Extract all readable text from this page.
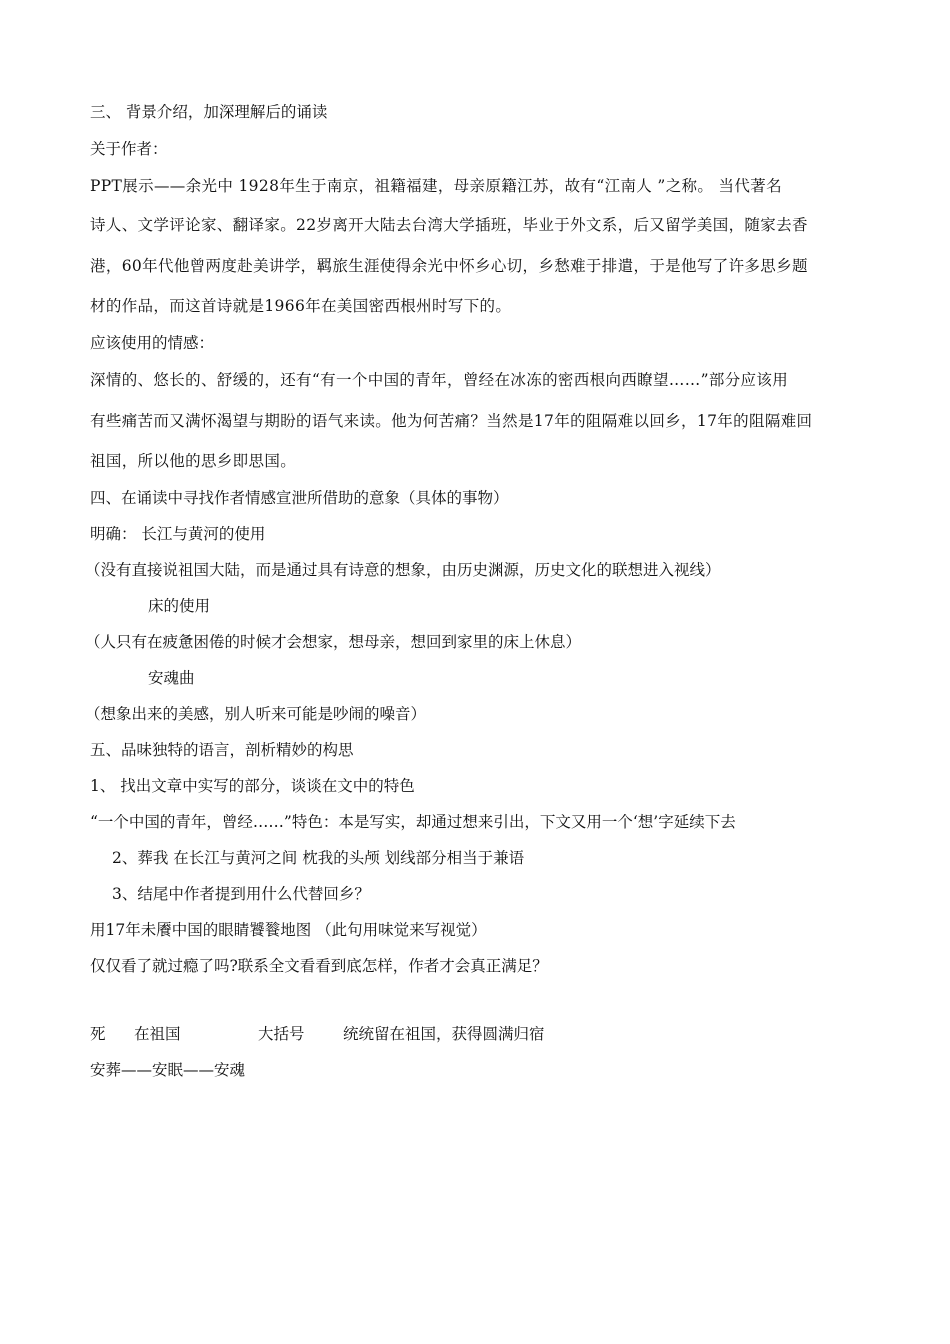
三、 背景介绍，加深理解后的诵读
关于作者：
PPT展示——余光中 1928年生于南京，祖籍福建，母亲原籍江苏，故有“江南人 ”之称。 当代著名
诗人、文学评论家、翻译家。22岁离开大陆去台湾大学插班，毕业于外文系，后又留学美国，随家去香
港，60年代他曾两度赴美讲学，羁旅生涯使得余光中怀乡心切，乡愁难于排遣，于是他写了许多思乡题
材的作品，而这首诗就是1966年在美国密西根州时写下的。
应该使用的情感：
深情的、悠长的、舒缓的，还有“有一个中国的青年，曾经在冰冻的密西根向西瞭望……”部分应该用
有些痛苦而又满怀渴望与期盼的语气来读。他为何苦痛？当然是17年的阻隔难以回乡，17年的阻隔难回
祖国，所以他的思乡即思国。
四、在诵读中寻找作者情感宣泄所借助的意象（具体的事物）
明确： 长江与黄河的使用
（没有直接说祖国大陆，而是通过具有诗意的想象，由历史渊源，历史文化的联想进入视线）
床的使用
（人只有在疲惫困倦的时候才会想家，想母亲，想回到家里的床上休息）
安魂曲
（想象出来的美感，别人听来可能是吵闹的噪音）
五、品味独特的语言，剖析精妙的构思
1、 找出文章中实写的部分，谈谈在文中的特色
“一个中国的青年，曾经……”特色：本是写实，却通过想来引出，下文又用一个‘想’字延续下去
2、葬我 在长江与黄河之间 枕我的头颅 划线部分相当于兼语
3、结尾中作者提到用什么代替回乡？
用17年未餍中国的眼睛饕餮地图 （此句用味觉来写视觉）
仅仅看了就过瘾了吗?联系全文看看到底怎样，作者才会真正满足？
死 在祖国	大括号 统统留在祖国，获得圆满归宿
安葬——安眠——安魂
